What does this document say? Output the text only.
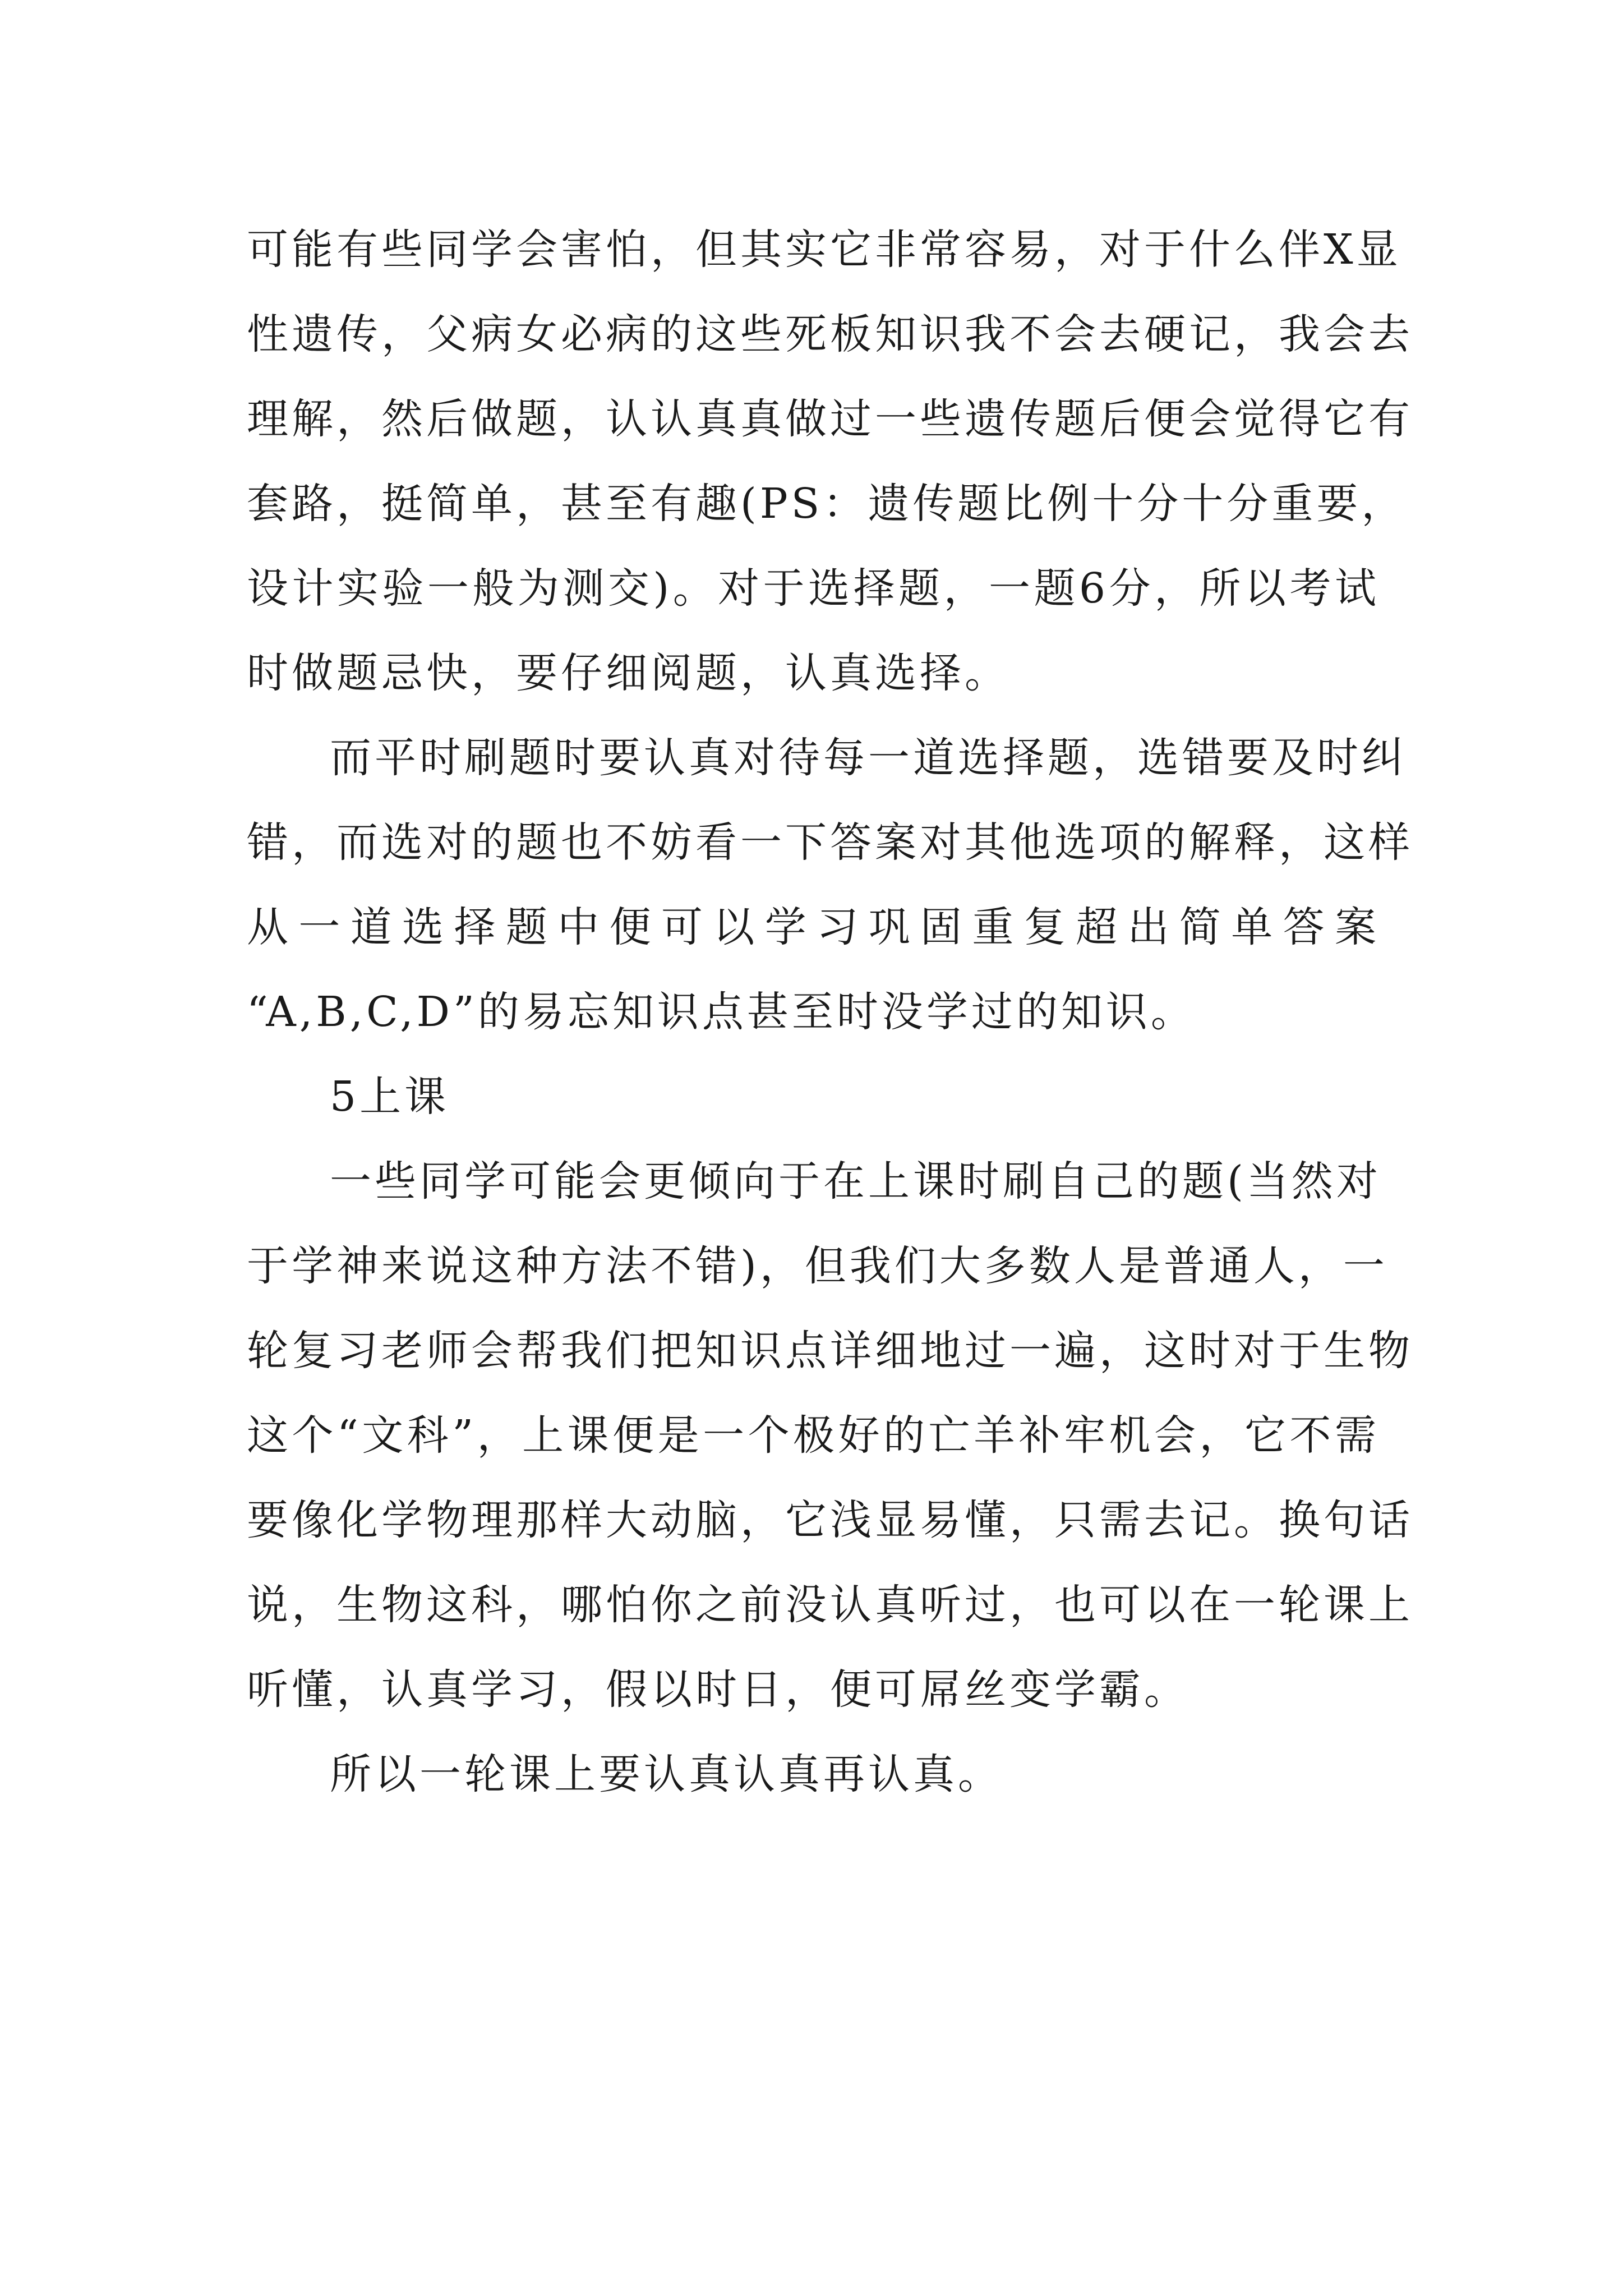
可能有些同学会害怕，但其实它非常容易，对于什么伴X显
性遗传，父病女必病的这些死板知识我不会去硬记，我会去
理解，然后做题，认认真真做过一些遗传题后便会觉得它有
套路，挺简单，甚至有趣(PS：遗传题比例十分十分重要，
设计实验一般为测交)。对于选择题，一题6分，所以考试
时做题忌快，要仔细阅题，认真选择。

而平时刷题时要认真对待每一道选择题，选错要及时纠
错，而选对的题也不妨看一下答案对其他选项的解释，这样
从一道选择题中便可以学习巩固重复超出简单答案
“A,B,C,D”的易忘知识点甚至时没学过的知识。

5上课

一些同学可能会更倾向于在上课时刷自己的题(当然对
于学神来说这种方法不错)，但我们大多数人是普通人，一
轮复习老师会帮我们把知识点详细地过一遍，这时对于生物
这个“文科”，上课便是一个极好的亡羊补牢机会，它不需
要像化学物理那样大动脑，它浅显易懂，只需去记。换句话
说，生物这科，哪怕你之前没认真听过，也可以在一轮课上
听懂，认真学习，假以时日，便可屌丝变学霸。

所以一轮课上要认真认真再认真。
